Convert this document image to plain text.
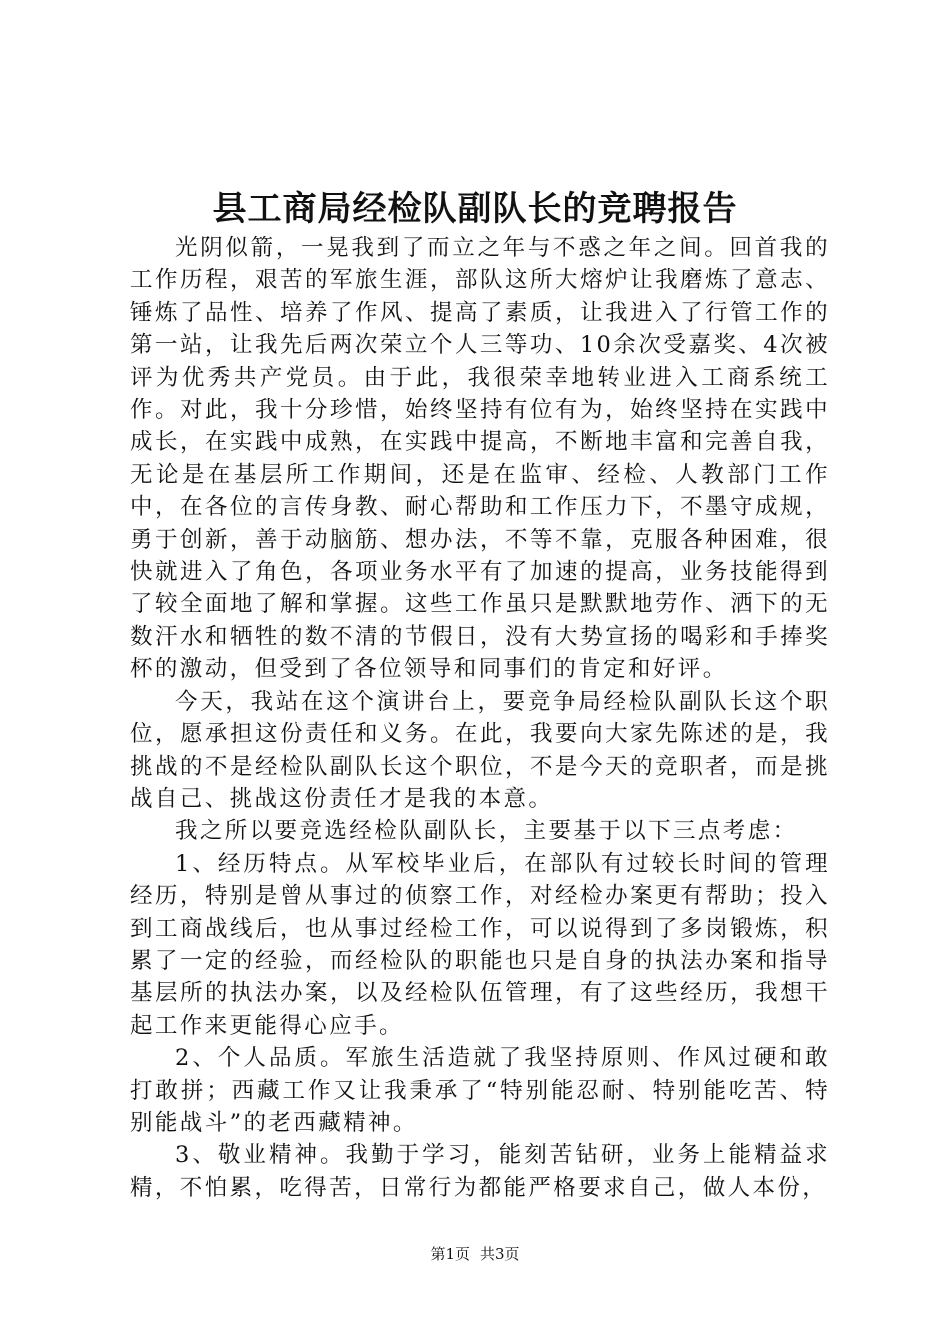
县工商局经检队副队长的竞聘报告

光阴似箭，一晃我到了而立之年与不惑之年之间。回首我的工作历程，艰苦的军旅生涯，部队这所大熔炉让我磨炼了意志、锤炼了品性、培养了作风、提高了素质，让我进入了行管工作的第一站，让我先后两次荣立个人三等功、10余次受嘉奖、4次被评为优秀共产党员。由于此，我很荣幸地转业进入工商系统工作。对此，我十分珍惜，始终坚持有位有为，始终坚持在实践中成长，在实践中成熟，在实践中提高，不断地丰富和完善自我，无论是在基层所工作期间，还是在监审、经检、人教部门工作中，在各位的言传身教、耐心帮助和工作压力下，不墨守成规，勇于创新，善于动脑筋、想办法，不等不靠，克服各种困难，很快就进入了角色，各项业务水平有了加速的提高，业务技能得到了较全面地了解和掌握。这些工作虽只是默默地劳作、洒下的无数汗水和牺牲的数不清的节假日，没有大势宣扬的喝彩和手捧奖杯的激动，但受到了各位领导和同事们的肯定和好评。

今天，我站在这个演讲台上，要竞争局经检队副队长这个职位，愿承担这份责任和义务。在此，我要向大家先陈述的是，我挑战的不是经检队副队长这个职位，不是今天的竞职者，而是挑战自己、挑战这份责任才是我的本意。

我之所以要竞选经检队副队长，主要基于以下三点考虑：

1、经历特点。从军校毕业后，在部队有过较长时间的管理经历，特别是曾从事过的侦察工作，对经检办案更有帮助；投入到工商战线后，也从事过经检工作，可以说得到了多岗锻炼，积累了一定的经验，而经检队的职能也只是自身的执法办案和指导基层所的执法办案，以及经检队伍管理，有了这些经历，我想干起工作来更能得心应手。

2、个人品质。军旅生活造就了我坚持原则、作风过硬和敢打敢拼；西藏工作又让我秉承了“特别能忍耐、特别能吃苦、特别能战斗”的老西藏精神。

3、敬业精神。我勤于学习，能刻苦钻研，业务上能精益求精，不怕累，吃得苦，日常行为都能严格要求自己，做人本份，

第1页 共3页
